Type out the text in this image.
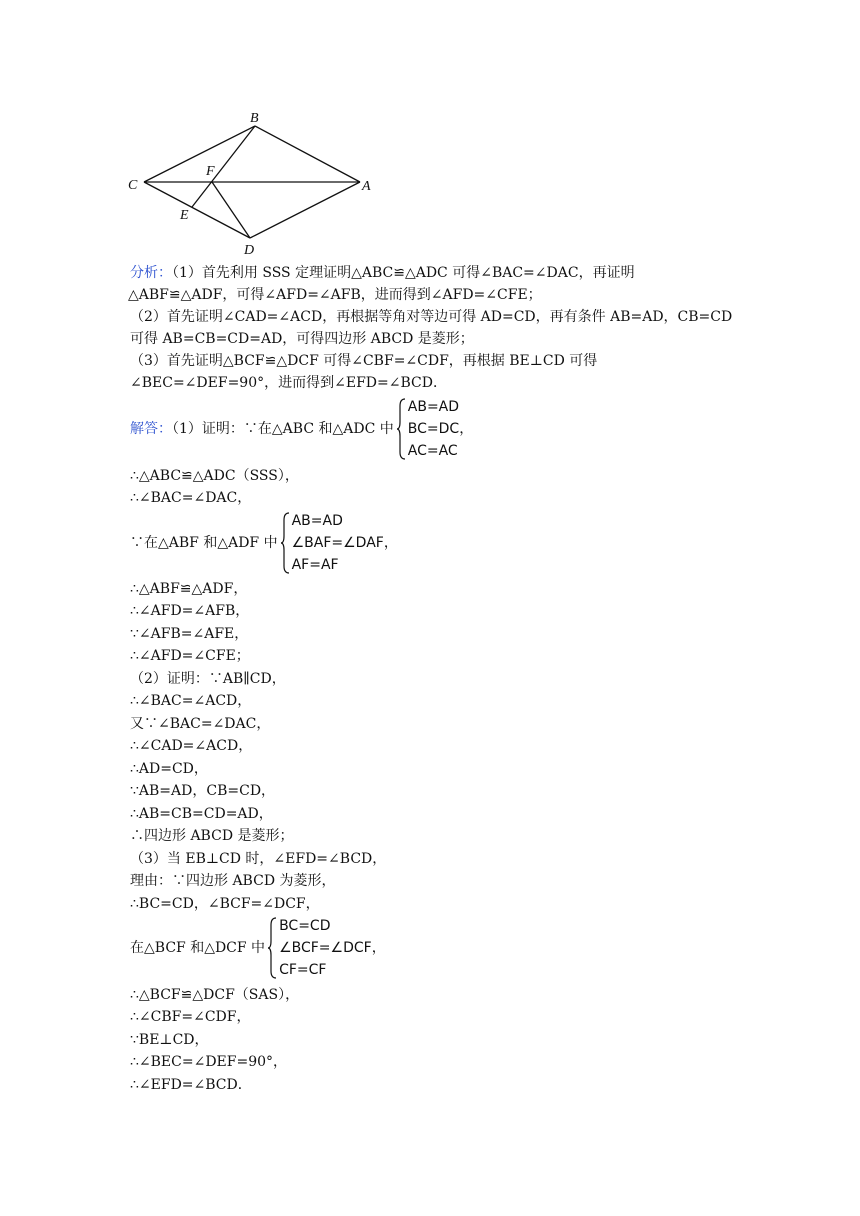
B
C
F
A
E
D
分析：（1）首先利用 SSS 定理证明△ABC≌△ADC 可得∠BAC=∠DAC，再证明
△ABF≌△ADF，可得∠AFD=∠AFB，进而得到∠AFD=∠CFE；
（2）首先证明∠CAD=∠ACD，再根据等角对等边可得 AD=CD，再有条件 AB=AD，CB=CD
可得 AB=CB=CD=AD，可得四边形 ABCD 是菱形；
（3）首先证明△BCF≌△DCF 可得∠CBF=∠CDF，再根据 BE⊥CD 可得
∠BEC=∠DEF=90°，进而得到∠EFD=∠BCD．
解答：（1）证明：∵在△ABC 和△ADC 中
AB=AD
BC=DC
AC=AC
，
∴△ABC≌△ADC（SSS），
∴∠BAC=∠DAC，
∵在△ABF 和△ADF 中
AB=AD
∠BAF=∠DAF
AF=AF
，
∴△ABF≌△ADF，
∴∠AFD=∠AFB，
∵∠AFB=∠AFE，
∴∠AFD=∠CFE；
（2）证明：∵AB∥CD，
∴∠BAC=∠ACD，
又∵∠BAC=∠DAC，
∴∠CAD=∠ACD，
∴AD=CD，
∵AB=AD，CB=CD，
∴AB=CB=CD=AD，
∴四边形 ABCD 是菱形；
（3）当 EB⊥CD 时，∠EFD=∠BCD，
理由：∵四边形 ABCD 为菱形，
∴BC=CD，∠BCF=∠DCF，
在△BCF 和△DCF 中
BC=CD
∠BCF=∠DCF
CF=CF
，
∴△BCF≌△DCF（SAS），
∴∠CBF=∠CDF，
∵BE⊥CD，
∴∠BEC=∠DEF=90°，
∴∠EFD=∠BCD．
